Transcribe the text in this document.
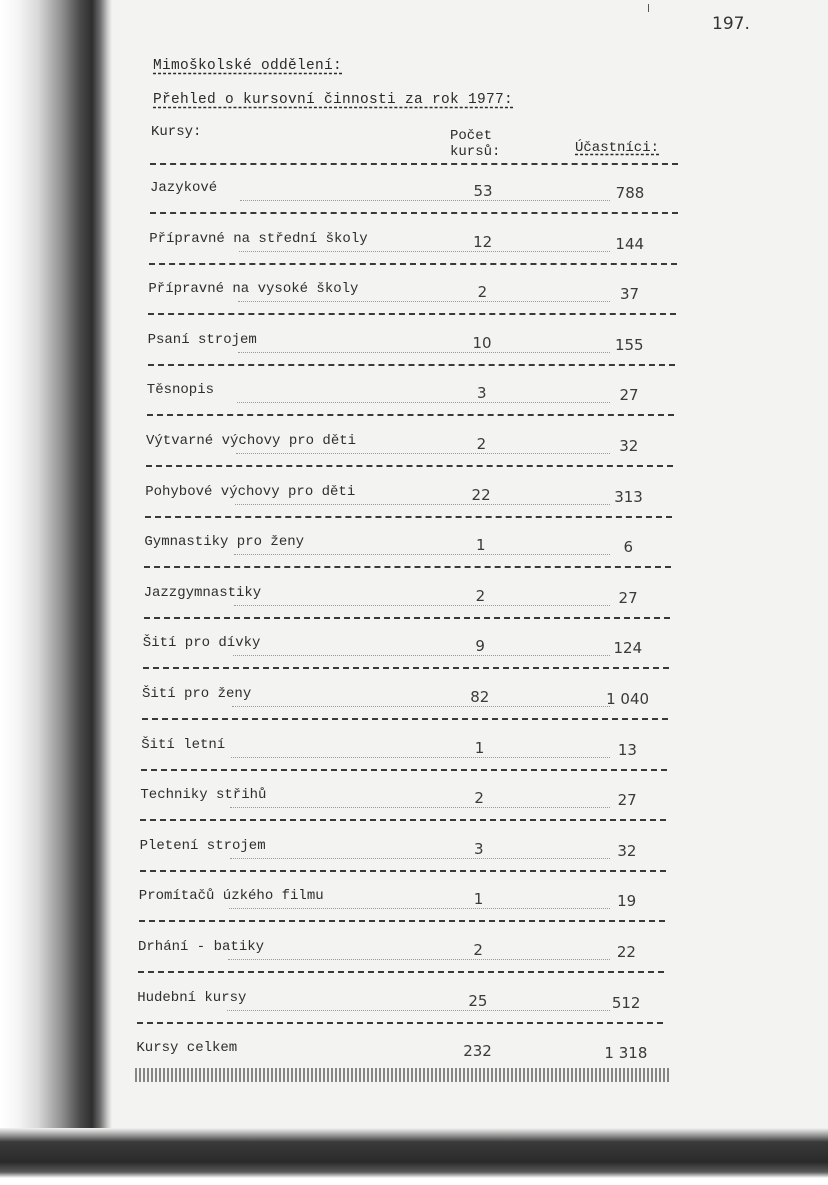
197.
Mimoškolské oddělení:
Přehled o kursovní činnosti za rok 1977:
Kursy:	Počet kursů:	Účastníci:
Jazykové	53	788
Přípravné na střední školy	12	144
Přípravné na vysoké školy	2	37
Psaní strojem	10	155
Těsnopis	3	27
Výtvarné výchovy pro děti	2	32
Pohybové výchovy pro děti	22	313
Gymnastiky pro ženy	1	6
Jazzgymnastiky	2	27
Šití pro dívky	9	124
Šití pro ženy	82	1 040
Šití letní	1	13
Techniky střihů	2	27
Pletení strojem	3	32
Promítačů úzkého filmu	1	19
Drhání - batiky	2	22
Hudební kursy	25	512
Kursy celkem	232	1 318
